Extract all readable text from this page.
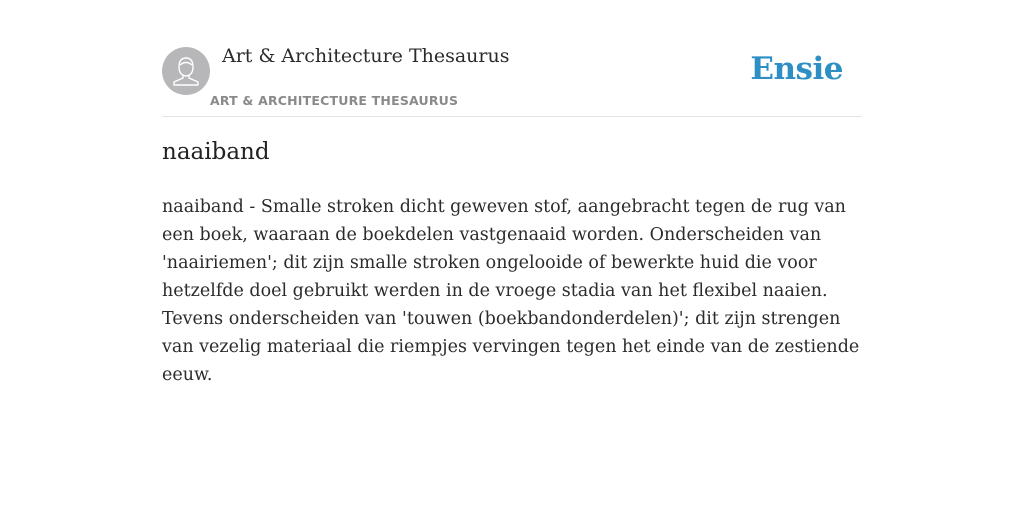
Art & Architecture Thesaurus
ART & ARCHITECTURE THESAURUS
Ensie
naaiband

naaiband - Smalle stroken dicht geweven stof, aangebracht tegen de rug van een boek, waaraan de boekdelen vastgenaaid worden. Onderscheiden van 'naairiemen'; dit zijn smalle stroken ongelooide of bewerkte huid die voor hetzelfde doel gebruikt werden in de vroege stadia van het flexibel naaien. Tevens onderscheiden van 'touwen (boekbandonderdelen)'; dit zijn strengen van vezelig materiaal die riempjes vervingen tegen het einde van de zestiende eeuw.
